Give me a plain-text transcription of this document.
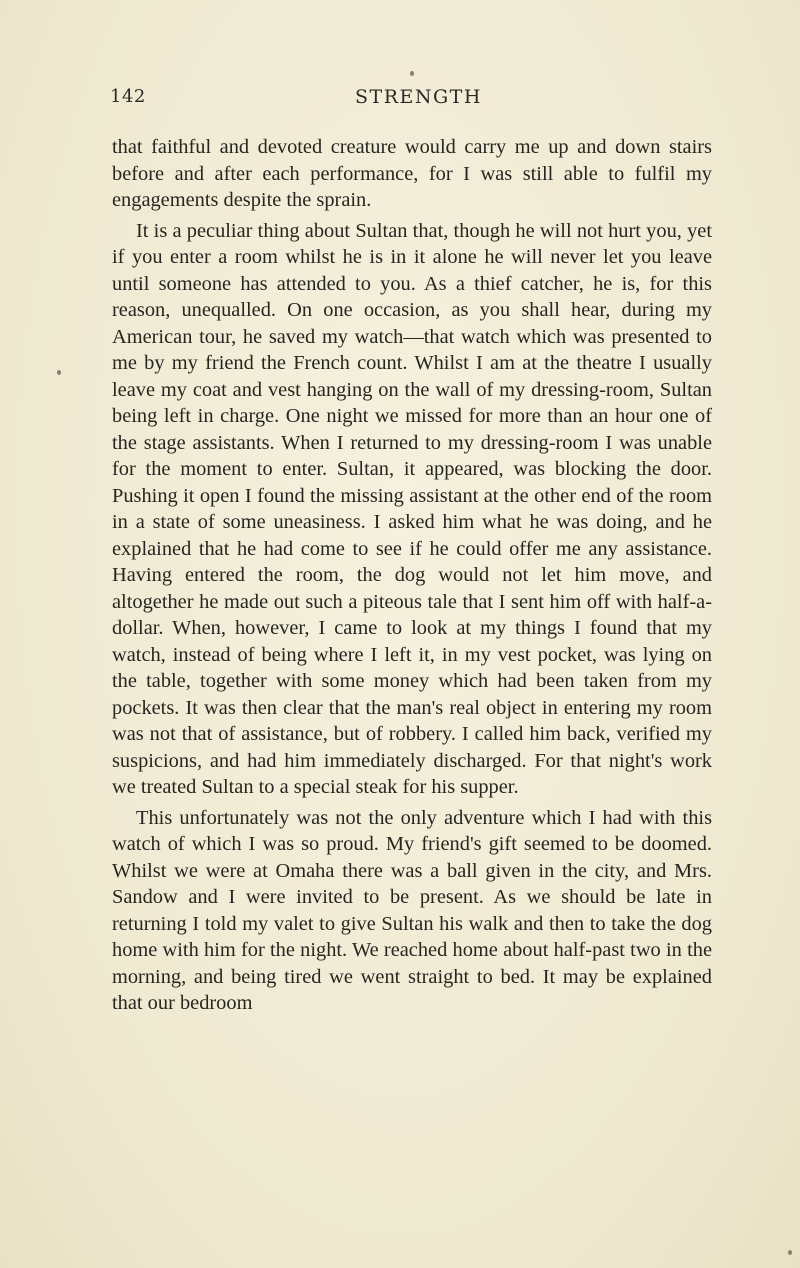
142	STRENGTH

that faithful and devoted creature would carry me up and down stairs before and after each performance, for I was still able to fulfil my engagements despite the sprain.

It is a peculiar thing about Sultan that, though he will not hurt you, yet if you enter a room whilst he is in it alone he will never let you leave until someone has attended to you. As a thief catcher, he is, for this reason, unequalled. On one occasion, as you shall hear, during my American tour, he saved my watch—that watch which was presented to me by my friend the French count. Whilst I am at the theatre I usually leave my coat and vest hanging on the wall of my dressing-room, Sultan being left in charge. One night we missed for more than an hour one of the stage assistants. When I returned to my dressing-room I was unable for the moment to enter. Sultan, it appeared, was blocking the door. Pushing it open I found the missing assistant at the other end of the room in a state of some uneasiness. I asked him what he was doing, and he explained that he had come to see if he could offer me any assistance. Having entered the room, the dog would not let him move, and altogether he made out such a piteous tale that I sent him off with half-a-dollar. When, however, I came to look at my things I found that my watch, instead of being where I left it, in my vest pocket, was lying on the table, together with some money which had been taken from my pockets. It was then clear that the man's real object in entering my room was not that of assistance, but of robbery. I called him back, verified my suspicions, and had him immediately discharged. For that night's work we treated Sultan to a special steak for his supper.

This unfortunately was not the only adventure which I had with this watch of which I was so proud. My friend's gift seemed to be doomed. Whilst we were at Omaha there was a ball given in the city, and Mrs. Sandow and I were invited to be present. As we should be late in returning I told my valet to give Sultan his walk and then to take the dog home with him for the night. We reached home about half-past two in the morning, and being tired we went straight to bed. It may be explained that our bedroom
